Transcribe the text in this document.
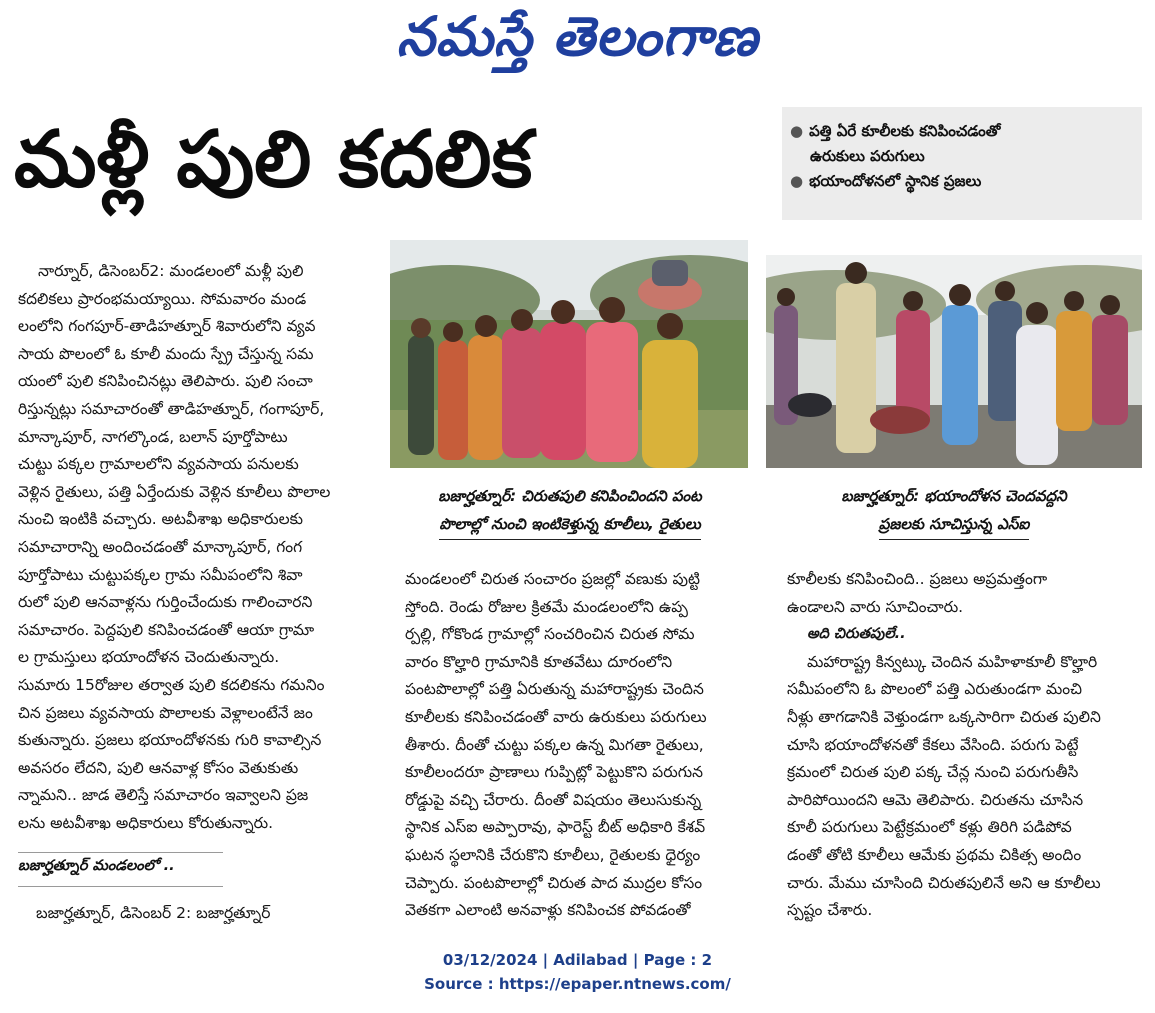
నమస్తే తెలంగాణ
మళ్లీ పులి కదలిక	● పత్తి ఏరే కూలీలకు కనిపించడంతో
ఉరుకులు పరుగులు
● భయాందోళనలో స్థానిక ప్రజలు
బజార్హత్నూర్: చిరుతపులి కనిపించిందని పంట
పొలాల్లో నుంచి ఇంటికెళ్తున్న కూలీలు, రైతులు
బజార్హత్నూర్: భయాందోళన చెందవద్దని
ప్రజలకు సూచిస్తున్న ఎస్ఐ

నార్నూర్, డిసెంబర్2: మండలంలో మళ్లీ పులి

కదలికలు ప్రారంభమయ్యాయి. సోమవారం మండ

లంలోని గంగపూర్-తాడిహత్నూర్ శివారులోని వ్యవ

సాయ పొలంలో ఓ కూలీ మందు స్ప్రే చేస్తున్న సమ

యంలో పులి కనిపించినట్లు తెలిపారు. పులి సంచా

రిస్తున్నట్లు సమాచారంతో తాడిహత్నూర్, గంగాపూర్,

మాన్కాపూర్, నాగల్కొండ, బలాన్ పూర్తోపాటు

చుట్టు పక్కల గ్రామాలలోని వ్యవసాయ పనులకు

వెళ్లిన రైతులు, పత్తి ఏర్తేందుకు వెళ్లిన కూలీలు పొలాల

నుంచి ఇంటికి వచ్చారు. అటవీశాఖ అధికారులకు

సమాచారాన్ని అందించడంతో మాన్కాపూర్, గంగ

పూర్తోపాటు చుట్టుపక్కల గ్రామ సమీపంలోని శివా

రులో పులి ఆనవాళ్లను గుర్తించేందుకు గాలించారని

సమాచారం. పెద్దపులి కనిపించడంతో ఆయా గ్రామా

ల గ్రామస్తులు భయాందోళన చెందుతున్నారు.

సుమారు 15రోజుల తర్వాత పులి కదలికను గమనిం

చిన ప్రజలు వ్యవసాయ పొలాలకు వెళ్లాలంటేనే జం

కుతున్నారు. ప్రజలు భయాందోళనకు గురి కావాల్సిన

అవసరం లేదని, పులి ఆనవాళ్ల కోసం వెతుకుతు

న్నామని.. జాడ తెలిస్తే సమాచారం ఇవ్వాలని ప్రజ

లను అటవీశాఖ అధికారులు కోరుతున్నారు.

బజార్హత్నూర్ మండలంలో ..
బజార్హత్నూర్, డిసెంబర్ 2: బజార్హత్నూర్

మండలంలో చిరుత సంచారం ప్రజల్లో వణుకు పుట్టి

స్తోంది. రెండు రోజుల క్రితమే మండలంలోని ఉప్ప

ర్పల్లి, గోకొండ గ్రామాల్లో సంచరించిన చిరుత సోమ

వారం కొల్హారి గ్రామానికి కూతవేటు దూరంలోని

పంటపొలాల్లో పత్తి ఏరుతున్న మహారాష్ట్రకు చెందిన

కూలీలకు కనిపించడంతో వారు ఉరుకులు పరుగులు

తీశారు. దీంతో చుట్టు పక్కల ఉన్న మిగతా రైతులు,

కూలీలందరూ ప్రాణాలు గుప్పిట్లో పెట్టుకొని పరుగున

రోడ్డుపై వచ్చి చేరారు. దీంతో విషయం తెలుసుకున్న

స్థానిక ఎస్ఐ అప్పారావు, ఫారెస్ట్ బీట్ అధికారి కేశవ్

ఘటన స్థలానికి చేరుకొని కూలీలు, రైతులకు ధైర్యం

చెప్పారు. పంటపొలాల్లో చిరుత పాద ముద్రల కోసం

వెతకగా ఎలాంటి అనవాళ్లు కనిపించక పోవడంతో

కూలీలకు కనిపించింది.. ప్రజలు అప్రమత్తంగా

ఉండాలని వారు సూచించారు.

అది చిరుతపులే..

మహారాష్ట్ర కిన్వట్కు చెందిన మహిళాకూలీ కొల్హారి

సమీపంలోని ఓ పొలంలో పత్తి ఎరుతుండగా మంచి

నీళ్లు తాగడానికి వెళ్తుండగా ఒక్కసారిగా చిరుత పులిని

చూసి భయాందోళనతో కేకలు వేసింది. పరుగు పెట్టే

క్రమంలో చిరుత పులి పక్క చేన్ల నుంచి పరుగుతీసి

పారిపోయిందని ఆమె తెలిపారు. చిరుతను చూసిన

కూలీ పరుగులు పెట్టేక్రమంలో కళ్లు తిరిగి పడిపోవ

డంతో తోటి కూలీలు ఆమేకు ప్రథమ చికిత్స అందిం

చారు. మేము చూసింది చిరుతపులినే అని ఆ కూలీలు

స్పష్టం చేశారు.

03/12/2024 | Adilabad | Page : 2
Source : https://epaper.ntnews.com/
